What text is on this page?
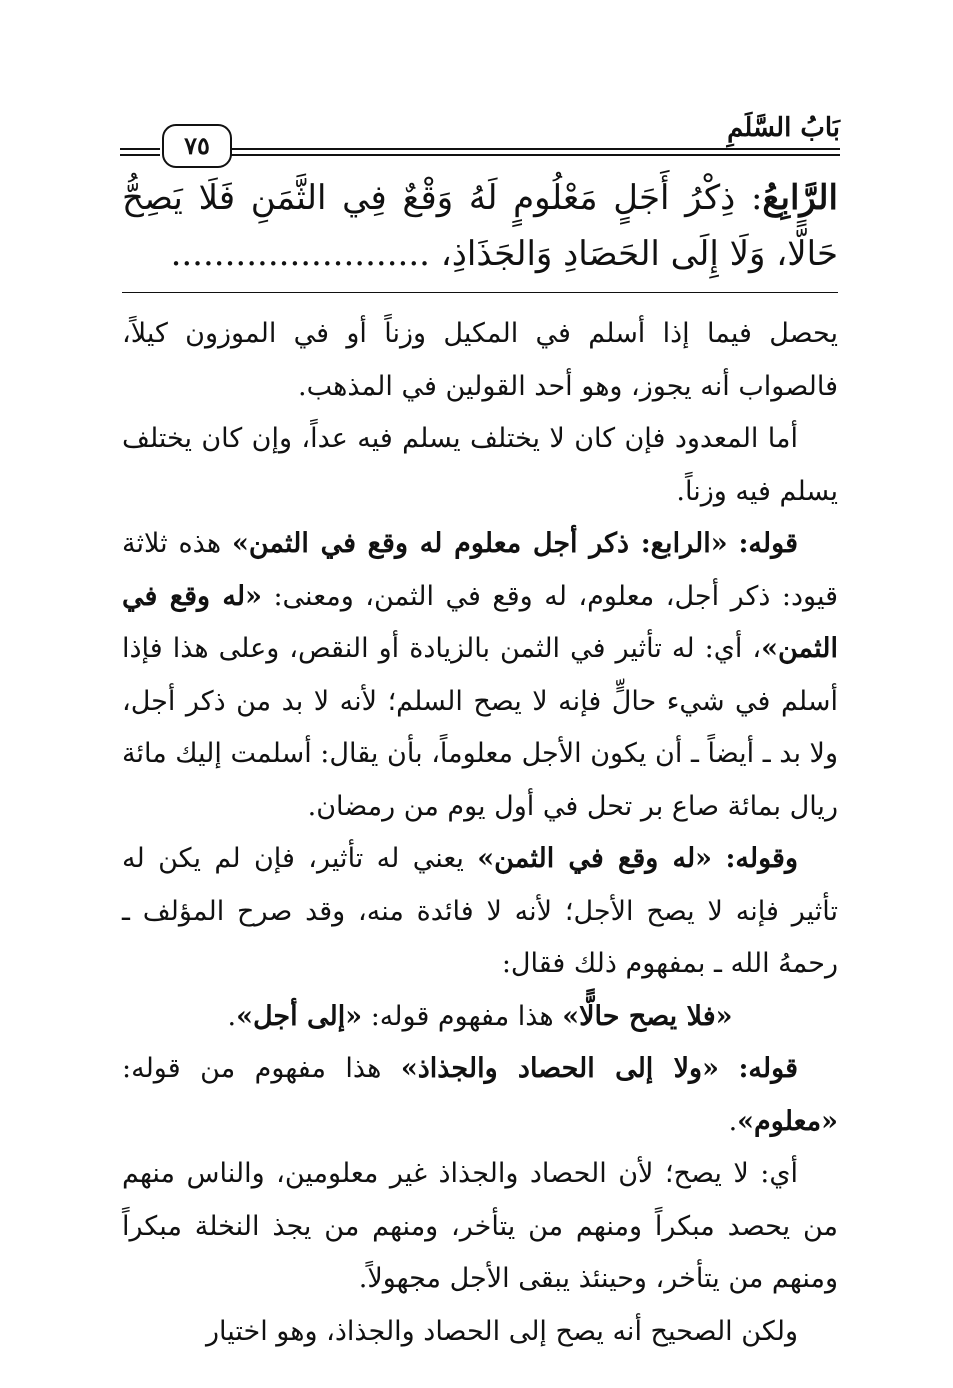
بَابُ السَّلَمِ
٧٥
الرَّابِعُ: ذِكْرُ أَجَلٍ مَعْلُومٍ لَهُ وَقْعٌ فِي الثَّمَنِ فَلَا يَصِحُّ حَالًّا، وَلَا إِلَى الحَصَادِ وَالجَذَاذِ، ........................

يحصل فيما إذا أسلم في المكيل وزناً أو في الموزون كيلاً، فالصواب أنه يجوز، وهو أحد القولين في المذهب.

أما المعدود فإن كان لا يختلف يسلم فيه عداً، وإن كان يختلف يسلم فيه وزناً.

قوله: «الرابع: ذكر أجل معلوم له وقع في الثمن» هذه ثلاثة قيود: ذكر أجل، معلوم، له وقع في الثمن، ومعنى: «له وقع في الثمن»، أي: له تأثير في الثمن بالزيادة أو النقص، وعلى هذا فإذا أسلم في شيء حالٍّ فإنه لا يصح السلم؛ لأنه لا بد من ذكر أجل، ولا بد ـ أيضاً ـ أن يكون الأجل معلوماً، بأن يقال: أسلمت إليك مائة ريال بمائة صاع بر تحل في أول يوم من رمضان.

وقوله: «له وقع في الثمن» يعني له تأثير، فإن لم يكن له تأثير فإنه لا يصح الأجل؛ لأنه لا فائدة منه، وقد صرح المؤلف ـ رحمهُ الله ـ بمفهوم ذلك فقال:

«فلا يصح حالًّا» هذا مفهوم قوله: «إلى أجل».

قوله: «ولا إلى الحصاد والجذاذ» هذا مفهوم من قوله: «معلوم».

أي: لا يصح؛ لأن الحصاد والجذاذ غير معلومين، والناس منهم من يحصد مبكراً ومنهم من يتأخر، ومنهم من يجذ النخلة مبكراً ومنهم من يتأخر، وحينئذ يبقى الأجل مجهولاً.

ولكن الصحيح أنه يصح إلى الحصاد والجذاذ، وهو اختيار
